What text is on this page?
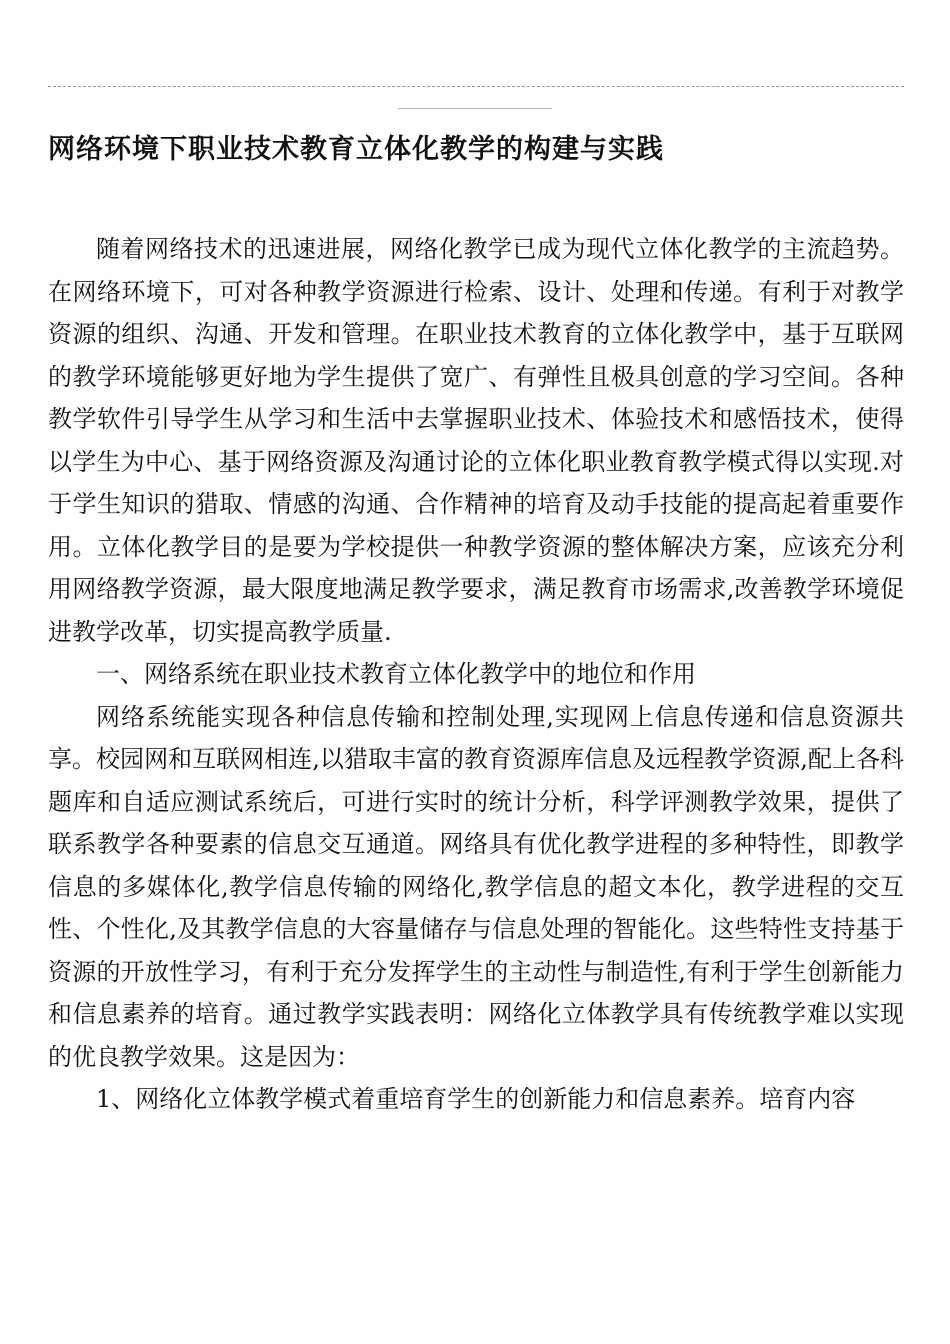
网络环境下职业技术教育立体化教学的构建与实践

随着网络技术的迅速进展，网络化教学已成为现代立体化教学的主流趋势。在网络环境下，可对各种教学资源进行检索、设计、处理和传递。有利于对教学资源的组织、沟通、开发和管理。在职业技术教育的立体化教学中，基于互联网的教学环境能够更好地为学生提供了宽广、有弹性且极具创意的学习空间。各种教学软件引导学生从学习和生活中去掌握职业技术、体验技术和感悟技术，使得以学生为中心、基于网络资源及沟通讨论的立体化职业教育教学模式得以实现.对于学生知识的猎取、情感的沟通、合作精神的培育及动手技能的提高起着重要作用。立体化教学目的是要为学校提供一种教学资源的整体解决方案，应该充分利用网络教学资源，最大限度地满足教学要求，满足教育市场需求,改善教学环境促进教学改革，切实提高教学质量.

一、网络系统在职业技术教育立体化教学中的地位和作用

网络系统能实现各种信息传输和控制处理,实现网上信息传递和信息资源共享。校园网和互联网相连,以猎取丰富的教育资源库信息及远程教学资源,配上各科题库和自适应测试系统后，可进行实时的统计分析，科学评测教学效果，提供了联系教学各种要素的信息交互通道。网络具有优化教学进程的多种特性，即教学信息的多媒体化,教学信息传输的网络化,教学信息的超文本化，教学进程的交互性、个性化,及其教学信息的大容量储存与信息处理的智能化。这些特性支持基于资源的开放性学习，有利于充分发挥学生的主动性与制造性,有利于学生创新能力和信息素养的培育。通过教学实践表明：网络化立体教学具有传统教学难以实现的优良教学效果。这是因为：

1、网络化立体教学模式着重培育学生的创新能力和信息素养。培育内容
